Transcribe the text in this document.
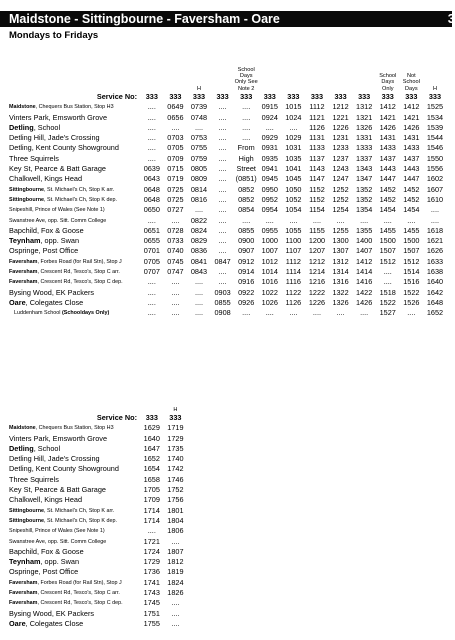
Maidstone - Sittingbourne - Faversham - Oare	3
Mondays to Fridays
			H		School Days Only See Note 2						School Days Only	Not School Days	H
Service No:	333	333	333	333	333	333	333	333	333	333	333	333	333
Maidstone, Chequers Bus Station, Stop H3	....	0649	0739	....	....	0915	1015	1112	1212	1312	1412	1412	1525
Vinters Park, Emsworth Grove	....	0656	0748	....	....	0924	1024	1121	1221	1321	1421	1421	1534
Detling, School	....	....	....	....	....	....	....	1126	1226	1326	1426	1426	1539
Detling Hill, Jade's Crossing	....	0703	0753	....	....	0929	1029	1131	1231	1331	1431	1431	1544
Detling, Kent County Showground	....	0705	0755	....	From	0931	1031	1133	1233	1333	1433	1433	1546
Three Squirrels	....	0709	0759	....	High	0935	1035	1137	1237	1337	1437	1437	1550
Key St, Pearce & Batt Garage	0639	0715	0805	....	Street	0941	1041	1143	1243	1343	1443	1443	1556
Chalkwell, Kings Head	0643	0719	0809	....	(0851)	0945	1045	1147	1247	1347	1447	1447	1602
Sittingbourne, St. Michael's Ch, Stop K arr.	0648	0725	0814	....	0852	0950	1050	1152	1252	1352	1452	1452	1607
Sittingbourne, St. Michael's Ch, Stop K dep.	0648	0725	0816	....	0852	0952	1052	1152	1252	1352	1452	1452	1610
Snipeshill, Prince of Wales (See Note 1)	0650	0727	....	....	0854	0954	1054	1154	1254	1354	1454	1454	....
Swanstree Ave, opp. Sitt. Comm College	....	....	0822	....	....	....	....	....	....	....	....	....	....
Bapchild, Fox & Goose	0651	0728	0824	....	0855	0955	1055	1155	1255	1355	1455	1455	1618
Teynham, opp. Swan	0655	0733	0829	....	0900	1000	1100	1200	1300	1400	1500	1500	1621
Ospringe, Post Office	0701	0740	0836	....	0907	1007	1107	1207	1307	1407	1507	1507	1626
Faversham, Forbes Road (for Rail Stn), Stop J	0705	0745	0841	0847	0912	1012	1112	1212	1312	1412	1512	1512	1633
Faversham, Crescent Rd, Tesco's, Stop C arr.	0707	0747	0843	....	0914	1014	1114	1214	1314	1414	....	1514	1638
Faversham, Crescent Rd, Tesco's, Stop C dep.	....	....	....	....	0916	1016	1116	1216	1316	1416	....	1516	1640
Bysing Wood, EK Packers	....	....	....	0903	0922	1022	1122	1222	1322	1422	1518	1522	1642
Oare, Colegates Close	....	....	....	0855	0926	1026	1126	1226	1326	1426	1522	1526	1648
Luddenham School (Schooldays Only)	....	....	....	0908	....	....	....	....	....	....	1527	....	1652
		H
Service No:	333	333
Maidstone, Chequers Bus Station, Stop H3	1629	1719
Vinters Park, Emsworth Grove	1640	1729
Detling, School	1647	1735
Detling Hill, Jade's Crossing	1652	1740
Detling, Kent County Showground	1654	1742
Three Squirrels	1658	1746
Key St, Pearce & Batt Garage	1705	1752
Chalkwell, Kings Head	1709	1756
Sittingbourne, St. Michael's Ch, Stop K arr.	1714	1801
Sittingbourne, St. Michael's Ch, Stop K dep.	1714	1804
Snipeshill, Prince of Wales (See Note 1)	....	1806
Swanstree Ave, opp. Sitt. Comm College	1721	....
Bapchild, Fox & Goose	1724	1807
Teynham, opp. Swan	1729	1812
Ospringe, Post Office	1736	1819
Faversham, Forbes Road (for Rail Stn), Stop J	1741	1824
Faversham, Crescent Rd, Tesco's, Stop C arr.	1743	1826
Faversham, Crescent Rd, Tesco's, Stop C dep.	1745	....
Bysing Wood, EK Packers	1751	....
Oare, Colegates Close	1755	....
